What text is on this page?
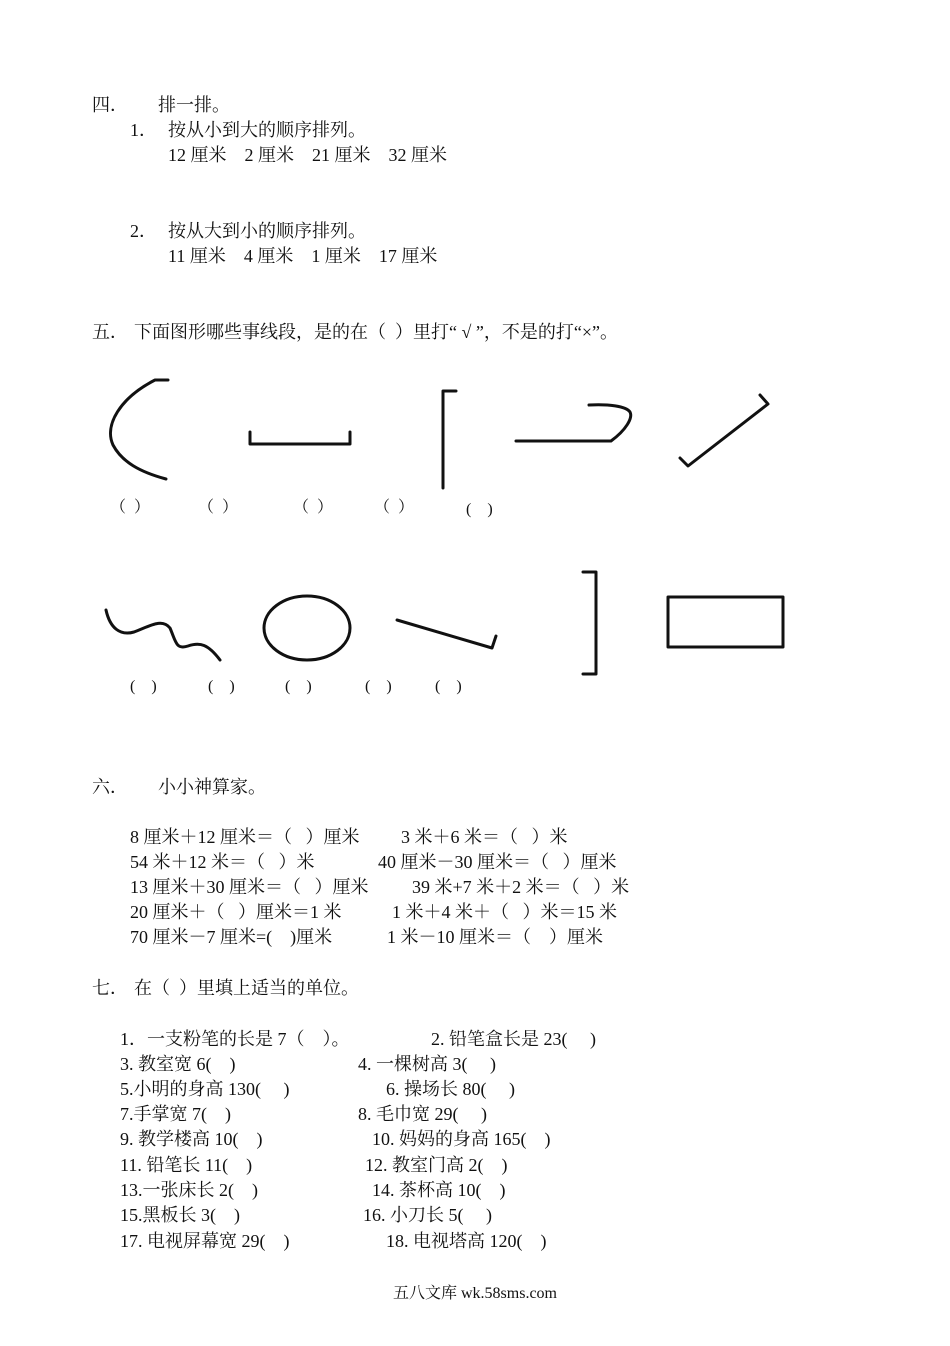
四． 排一排。
1． 按从小到大的顺序排列。
12 厘米    2 厘米    21 厘米    32 厘米
2． 按从大到小的顺序排列。
11 厘米    4 厘米    1 厘米    17 厘米
五． 下面图形哪些事线段，是的在（  ）里打“ √ ”，不是的打“×”。
（  ）	（  ）	（  ）	（  ）	(    )
(    )	(    )	(    )	(    )	(    )
六． 小小神算家。
8 厘米＋12 厘米＝（   ）厘米 3 米＋6 米＝（   ）米
54 米＋12 米＝（   ）米	40 厘米－30 厘米＝（   ）厘米
13 厘米＋30 厘米＝（   ）厘米 39 米+7 米＋2 米＝（   ）米
20 厘米＋（   ）厘米＝1 米	1 米＋4 米＋（   ）米＝15 米
70 厘米－7 厘米=(    )厘米	1 米－10 厘米＝（    ）厘米
七． 在（  ）里填上适当的单位。
1．一支粉笔的长是 7（    ）。	2. 铅笔盒长是 23(     )
3. 教室宽 6(    )	4. 一棵树高 3(     )
5.小明的身高 130(     )	6. 操场长 80(     )
7.手掌宽 7(    )	8. 毛巾宽 29(     )
9. 教学楼高 10(    )	10. 妈妈的身高 165(    )
11. 铅笔长 11(    )	12. 教室门高 2(    )
13.一张床长 2(    )	14. 茶杯高 10(    )
15.黑板长 3(    )	16. 小刀长 5(     )
17. 电视屏幕宽 29(    )	18. 电视塔高 120(    )
五八文库 wk.58sms.com
